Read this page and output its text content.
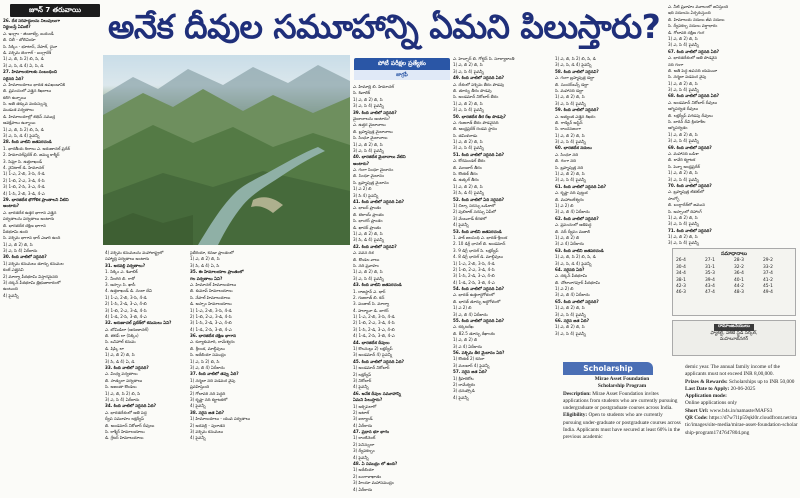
జూన్ 7 తరువాయి

26. దేశ సరిహద్దులను నిలువులుగా

నిర్ణయిస్తే ఏమిటి?

ఎ. ఇంగ్లాం - జింబాబ్వే, బురుండీ

బి. చిలీ - బోలివియా

సి. సిక్కిం - భూటాన్, నేపాల్, చైనా

డి. పశ్చిమ బెంగాల్ - బంగ్లాదేశ్

1) ఎ, బి, సి 2) బి, సి, డి

3) ఎ, సి, డి 4) ఏ, సి, డి

27. హిమాలయాలకు సంబంధించి

సరైనది ఏది?

ఎ. హిమాలయాలు భారత ఉపఖండానికి

బి. ప్రపంచంలో ఎత్తైన శిఖరాలు

కలిగి ఉన్నాయి

సి. అతి తక్కువ వయస్సున్న

ముడుత పర్వతాలు

డి. హిమాలయాల్లో టెథిస్ సముద్ర

అవక్షేపాలు ఉన్నాయి

1) ఎ, బి, సి 2) బి, సి, డి

3) ఎ, సి, డి 4) పైవన్నీ

28. కింది వాటిని జతపరచండి

1. భారతీయ శిలాలు ఎ. అరుణాచల్ ప్రదేశ్

2. హిమాచల్‌ప్రదేశ్ బి. జమ్ము కాశ్మీర్

3. సిమ్లా సి. ఉత్తరాఖండ్

4. నైనిటాల్ డి. హిమాచల్

1) 1-ఎ, 2-బి, 3-సి, 4-డి

2) 1-బి, 2-ఎ, 3-డి, 4-సి

3) 1-బి, 2-సి, 3-ఎ, 4-డి

4) 1-సి, 2-బి, 3-డి, 4-ఎ

29. భారతదేశ భౌగోళిక ప్రాంతాలని వీటిని

అంటారు?

ఎ. భారతదేశ ఉత్తర భాగాన ఎత్తైన

పర్వతాలను పర్వతాలు అంటారు

బి. భారతదేశ దక్షిణ భాగాన

పీఠభూమి ఉంది

సి. పశ్చిమ భాగాన థార్ ఎడారి ఉంది

1) ఎ, బి 2) బి, సి

3) ఎ, సి 4) ఏదీకాదు

30. కింది వాటిలో సరైనది?

1) పశ్చిమ కనుమలు తూర్పు కనుమల

కంటే ఎత్తైనవి

2) మాల్వా పీఠభూమి విస్తారమైనది

3) దక్కన్ పీఠభూమి త్రిభుజాకారంలో

ఉంటుంది

4) పైవన్నీ

అనేక దీవుల సమూహాన్ని ఏమని పిలుస్తారు?

4) పశ్చిమ కనుమలను మహారాష్ట్రలో

సహ్యాద్రి పర్వతాలు అంటారు

31. అరవల్లి పర్వతాలు?

1. సిక్కిం ఎ. శివాలిక్

2. నీలగిరి బి. గారో

3. అస్సాం సి. ఖాసీ

4. ఉత్తరాఖండ్ డి. నందా దేవి

1) 1-ఎ, 2-బి, 3-సి, 4-డి

2) 1-సి, 2-డి, 3-ఎ, 4-బి

3) 1-బి, 2-ఎ, 3-డి, 4-సి

4) 1-డి, 2-సి, 3-బి, 4-ఎ

32. అరుణాచల్ ప్రదేశ్‌లో కనుమలు ఏవి?

ఎ. బోమిడిలా (అరుణాచల్)

బి. జెలెప్ లా (సిక్కిం)

సి. బనిహాల్ కనుమ

డి. షిప్కి లా

1) ఎ, బి 2) బి, సి

3) సి, డి 4) ఏ, డి

33. కింది వాటిలో సరైనది?

ఎ. వింధ్య పర్వతాలు

బి. సాత్పురా పర్వతాలు

సి. అజంతా కొండలు

1) ఎ, బి, సి 2) బి, సి

3) ఎ, సి 4) ఏదీకాదు

34. కింది వాటిలో సరైనది ఏది?

ఎ. భారతదేశంలో అతి పెద్ద

ద్వీప సమూహం లక్షద్వీప్

బి. అండమాన్ నికోబార్ దీవులు

సి. కాశ్మీర్ హిమాలయాలు

డి. గ్రేటర్ హిమాలయాలు

సైబీరియా, కెనడా ప్రాంతంలో

1) ఎ, బి 2) బి, సి

3) సి, డి 4) ఏ, సి

35. ఈ హిమాలయాల ప్రాంతంలో

గల పర్వతాలు ఏవి?

ఎ. హిమాచల్ హిమాలయాలు

బి. కుమావ్ హిమాలయాలు

సి. నేపాల్ హిమాలయాలు

డి. అస్సాం హిమాలయాలు

1) 1-ఎ, 2-బి, 3-సి, 4-డి

2) 1-బి, 2-ఎ, 3-డి, 4-సి

3) 1-సి, 2-డి, 3-ఎ, 4-బి

4) 1-డి, 2-సి, 3-బి, 4-ఎ

36. భారతదేశ దక్షిణ భాగాన

ఎ. కన్యాకుమారి, రామేశ్వరం

బి. శ్రీలంక, మాల్దీవులు

సి. అరేబియా సముద్రం

1) ఎ, సి 2) బి, సి

3) ఎ, బి 4) ఏదీకాదు

37. కింది వాటిలో తప్పు ఏది?

1) నర్మదా నది పడమర వైపు

ప్రవహిస్తుంది

2) గోదావరి నది పెద్దది

3) కృష్ణా నది కర్ణాటకలో

4) పైవన్నీ

38. సరైన జత ఏది?

1) హిమాలయాలు - యువ పర్వతాలు

2) అరవల్లి - పురాతన

3) పశ్చిమ కనుమలు

4) పైవన్నీ

పోటీ పరీక్షల ప్రత్యేకం
జాగ్రఫీ

ఎ. హిమాద్రి బి. హిమాచల్

సి. శివాలిక్

1) ఎ, బి 2) బి, సి

3) ఎ, సి 4) పైవన్నీ

39. కింది వాటిలో సరైనది?

మైదానాలను అంటారు?

ఎ. ఉత్తర మైదానాలు

బి. బ్రహ్మపుత్ర మైదానాలు

సి. సింధూ మైదానాలు

1) ఎ, బి 2) బి, సి

3) ఎ, సి 4) పైవన్నీ

40. భారతదేశ మైదానాలు వేటిని

అంటారు?

ఎ. గంగా సింధూ మైదానం

బి. సింధూ మైదానం

సి. బ్రహ్మపుత్ర మైదానం

1) ఎ 2) బి

3) సి 4) పైవన్నీ

41. కింది వాటిలో సరైనది ఏది?

ఎ. భాబర్ ప్రాంతం

బి. టెరాయ్ ప్రాంతం

సి. భాంగర్ ప్రాంతం

డి. ఖాదర్ ప్రాంతం

1) ఎ, బి 2) బి, సి

3) సి, డి 4) పైవన్నీ

42. కింది వాటిలో సరైనవి?

ఎ. పవన దిశ

బి. కొండల వాలు

సి. నది ప్రవాహం

1) ఎ, బి 2) బి, సి

3) ఎ, సి 4) పైవన్నీ

43. కింది వాటిని జతపరచండి

1. రాజస్థాన్ ఎ. థార్

2. గుజరాత్ బి. కచ్

3. పంజాబ్ సి. మాల్వా

4. హర్యానా డి. బాగర్

1) 1-ఎ, 2-బి, 3-సి, 4-డి

2) 1-బి, 2-ఎ, 3-డి, 4-సి

3) 1-సి, 2-డి, 3-ఎ, 4-బి

4) 1-డి, 2-సి, 3-బి, 4-ఎ

44. భారతదేశ దీవులు

1) కొలనుల్లు 2) లక్షద్వీప్

3) అండమాన్ 4) పైవన్నీ

45. కింది వాటిలో సరైనది ఏది?

1) అండమాన్ నికోబార్

2) లక్షద్వీప్

3) నికోబార్

4) పైవన్నీ

46. అనేక దీవుల సమూహాన్ని

ఏమని పిలుస్తారు?

1) ఆర్చిపెలాగో

2) అటాల్

3) ఐల్యాండ్

4) ఏదీకాదు

47. ప్రధాన భూ భాగం

1) కాంటినెంట్

2) పెనిన్సులా

3) ద్వీపకల్పం

4) పైవన్నీ

48. ఏ సముద్రం లో ఉంది?

1) అరేబియా

2) బంగాళాఖాతం

3) హిందూ మహాసముద్రం

4) ఏదీకాదు

ఎ. హెచ్చార్ బి. గోల్డెన్ సి. సూర్యాకాంతి

1) ఎ, బి 2) బి, సి

3) ఎ, సి 4) పైవన్నీ

49. కింది వాటిలో సరైనది ఏది?

ఎ. దేశంలో పశ్చిమ తీరం పొడవు

బి. తూర్పు తీరం పొడవు

సి. అండమాన్ నికోబార్ తీరం

1) ఎ, బి 2) బి, సి

3) ఎ, సి 4) పైవన్నీ

50. భారతదేశ తీర రేఖ పొడవు?

ఎ. గుజరాత్ తీరం పొడవైనది

బి. ఆంధ్రప్రదేశ్ రెండవ స్థానం

సి. తమిళనాడు

1) ఎ, బి 2) బి, సి

3) ఎ, సి 4) పైవన్నీ

51. కింది వాటిలో సరైనది ఏది?

ఎ. కోరమండల్ తీరం

బి. మలబార్ తీరం

సి. కొంకణ్ తీరం

డి. ఉత్కల్ తీరం

1) ఎ, బి 2) బి, సి

3) సి, డి 4) పైవన్నీ

52. కింది వాటిలో ఏది సరైనది?

1) చిల్కా సరస్సు ఒడిశాలో

2) పులికాట్ సరస్సు ఏపీలో

3) వేంబనాడ్ కేరళలో

4) పైవన్నీ

53. కింది వాటిని జతపరచండి

1. పాక్ జలసంధి ఎ. భారత్-శ్రీలంక

2. 10 డిగ్రీ ఛానల్ బి. అండమాన్

3. 9 డిగ్రీ ఛానల్ సి. లక్షద్వీప్

4. 8 డిగ్రీ ఛానల్ డి. మాల్దీవులు

1) 1-ఎ, 2-బి, 3-సి, 4-డి

2) 1-బి, 2-ఎ, 3-డి, 4-సి

3) 1-సి, 2-డి, 3-ఎ, 4-బి

4) 1-డి, 2-సి, 3-బి, 4-ఎ

54. కింది వాటిలో సరైనది ఏది?

ఎ. భారత్ ఉత్తరార్ధగోళంలో

బి. భారత్ తూర్పు అర్ధగోళంలో

1) ఎ 2) బి

3) ఎ, బి 4) ఏదీకాదు

55. కింది వాటిలో సరైనది ఏది?

ఎ. కర్కటరేఖ

బి. 82.5 తూర్పు రేఖాంశం

1) ఎ, బి 2) బి

3) ఎ 4) ఏదీకాదు

56. పశ్చిమ తీర మైదానం ఏది?

1) కొంకణ్ 2) కెనరా

3) మలబార్ 4) పైవన్నీ

57. సరైన జత ఏది?

1) శ్రీహరికోట

2) రామేశ్వరం

3) ధనుష్కోడి

4) పైవన్నీ

1) ఎ, బి, సి 2) బి, సి, డి

3) ఎ, సి, డి 4) పైవన్నీ

58. కింది వాటిలో సరైనవి?

ఎ. గంగా బ్రహ్మపుత్ర డెల్టా

బి. సుందర్‌బన్స్ డెల్టా

సి. మహానది డెల్టా

1) ఎ, బి 2) బి, సి

3) ఎ, సి 4) పైవన్నీ

59. కింది వాటిలో సరైనది?

ఎ. అత్యంత ఎత్తైన శిఖరం

బి. గాడ్విన్ ఆస్టిన్

సి. కాంచనజంగా

1) ఎ, బి 2) బి, సి

3) ఎ, సి 4) పైవన్నీ

60. భారతదేశ నదులు

ఎ. సింధూ నది

బి. గంగా నది

సి. బ్రహ్మపుత్ర నది

1) ఎ, బి 2) బి, సి

3) ఎ, సి 4) పైవన్నీ

61. కింది వాటిలో సరైనది ఏది?

ఎ. కృష్ణా నది పుట్టుక

బి. మహాబలేశ్వరం

1) ఎ 2) బి

3) ఎ, బి 4) ఏదీకాదు

62. కింది వాటిలో సరైనది?

ఎ. ప్రపంచంలో అతిపెద్ద

బి. నదీ ద్వీపం మజులి

1) ఎ, బి 2) బి

3) ఎ 4) ఏదీకాదు

63. కింది వాటిని జతపరచండి

1) ఎ, బి, సి 2) బి, సి, డి

3) ఎ, సి, డి 4) పైవన్నీ

64. సరైనది ఏది?

ఎ. దక్కన్ పీఠభూమి

బి. చోటానాగపూర్ పీఠభూమి

1) ఎ 2) బి

3) ఎ, బి 4) ఏదీకాదు

65. కింది వాటిలో సరైనది?

1) ఎ, బి 2) బి, సి

3) ఎ, సి 4) పైవన్నీ

66. సరైన జత ఏది?

1) ఎ, బి 2) బి, సి

3) ఎ, సి 4) పైవన్నీ

ఎ. నీటి ప్రవాహం మూలంలో జనిస్తుంది

ఇది నదులను ఏర్పరుస్తుంది

బి. హిమాలయ నదులు జీవ నదులు

సి. ద్వీపకల్ప నదులు వర్షాధారం

డి. గోదావరి దక్షిణ గంగ

1) ఎ, బి 2) బి, సి

3) ఎ, సి 4) పైవన్నీ

67. కింది వాటిలో సరైనది ఏది?

ఎ. భారతదేశంలో అతి పొడవైన

నది గంగా

బి. అతి పెద్ద ఉపనది యమునా

సి. నర్మదా పడమర వైపు

1) ఎ, బి 2) బి, సి

3) ఎ, సి 4) పైవన్నీ

68. కింది వాటిలో సరైనది ఏది?

ఎ. అండమాన్ నికోబార్ దీవులు

అగ్నిపర్వత దీవులు

బి. లక్షద్వీప్ పగడపు దీవులు

సి. బారెన్ దీవి క్రియాశీల

అగ్నిపర్వతం

1) ఎ, బి 2) బి, సి

3) ఎ, సి 4) పైవన్నీ

69. కింది వాటిలో సరైనది?

ఎ. మహానది ఒడిశా

బి. కావేరి కర్ణాటక

సి. పెన్నా ఆంధ్రప్రదేశ్

1) ఎ, బి 2) బి, సి

3) ఎ, సి 4) పైవన్నీ

70. కింది వాటిలో సరైనది?

ఎ. బ్రహ్మపుత్ర టిబెట్‌లో

సాంగ్పో

బి. బంగ్లాదేశ్‌లో జమున

సి. అస్సాంలో దిహాంగ్

1) ఎ, బి 2) బి, సి

3) ఎ, సి 4) పైవన్నీ

71. కింది వాటిలో సరైనది?

1) ఎ, బి 2) బి, సి

3) ఎ, సి 4) పైవన్నీ

సమాధానాలు
26-4	27-1	28-3	29-2
30-4	31-1	32-2	33-2
34-4	35-3	36-4	37-4
38-1	39-4	40-1	41-2
42-3	43-4	44-2	45-1
46-3	47-4	48-3	49-4
రామాంజనేయులు
ఫ్యాకల్టీ, ఏకేటీ స్టడీ సర్కిల్,
మహబూబ్‌నగర్
Scholarship
Mirae Asset Foundation
Scholarship Program

Description: Mirae Asset Foundation invites applications from students who are currently pursuing undergraduate or postgraduate courses across India.

Eligibility: Open to students who are currently pursuing under-graduate or postgraduate courses across India. Applicants must have secured at least 60% in the previous academic

demic year. The annual family income of the applicants must not exceed INR 8,00,000.

Prizes & Rewards: Scholarships up to INR 50,000

Last Date to Apply: 20-06-2025

Application mode:
Online applications only

Short Url: www.b4s.in/namaste/MAFS3

QR Code: https://d7w7l1p59qkl0r.cloudfront.net/static/images/site-media/mirae-asset-foundation-scholarship-program1747647804.png
